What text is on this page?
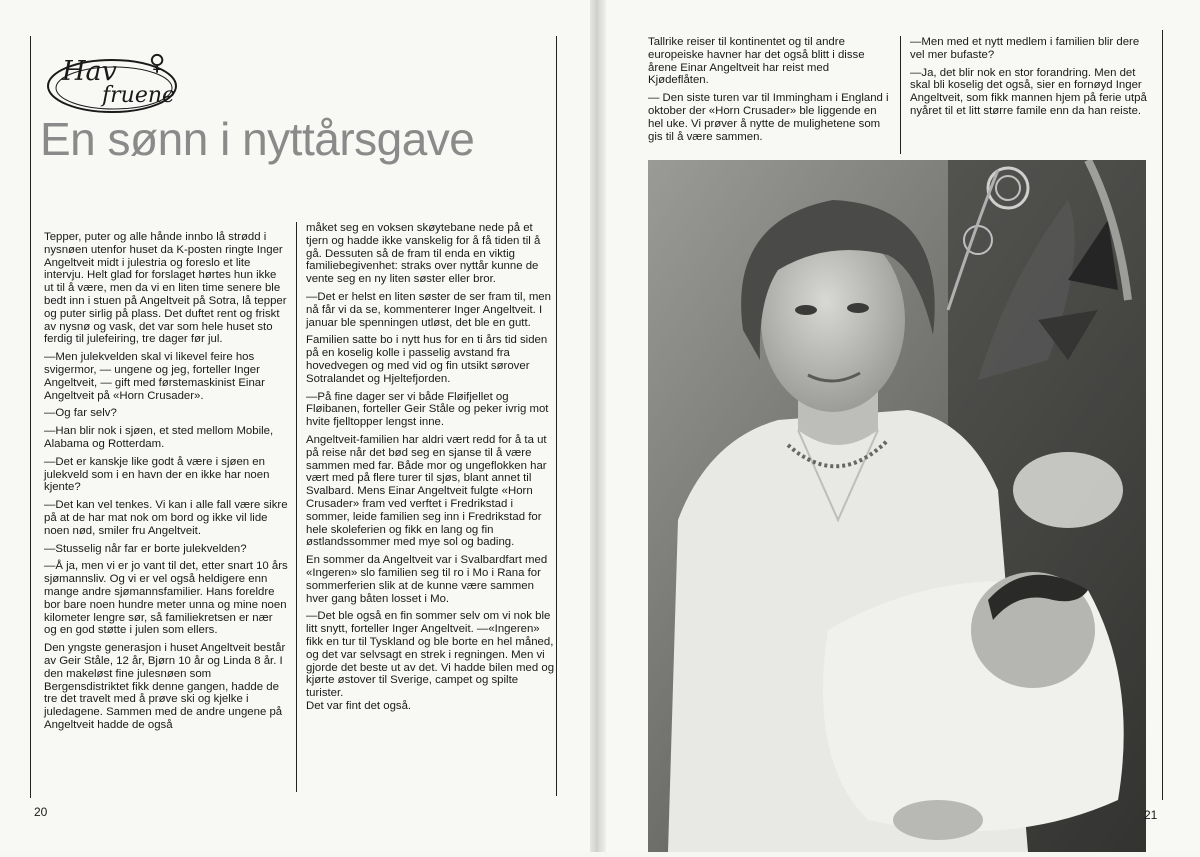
Hav
fruene
♀
En sønn i nyttårsgave

Tepper, puter og alle hånde innbo lå strødd i nysnøen utenfor huset da K-posten ringte Inger Angeltveit midt i julestria og foreslo et lite intervju. Helt glad for forslaget hørtes hun ikke ut til å være, men da vi en liten time senere ble bedt inn i stuen på Angeltveit på Sotra, lå tepper og puter sirlig på plass. Det duftet rent og friskt av nysnø og vask, det var som hele huset sto ferdig til julefeiring, tre dager før jul.

—Men julekvelden skal vi likevel feire hos svigermor, — ungene og jeg, forteller Inger Angeltveit, — gift med førstemaskinist Einar Angeltveit på «Horn Crusader».

—Og far selv?

—Han blir nok i sjøen, et sted mellom Mobile, Alabama og Rotterdam.

—Det er kanskje like godt å være i sjøen en julekveld som i en havn der en ikke har noen kjente?

—Det kan vel tenkes. Vi kan i alle fall være sikre på at de har mat nok om bord og ikke vil lide noen nød, smiler fru Angeltveit.

—Stusselig når far er borte julekvelden?

—Å ja, men vi er jo vant til det, etter snart 10 års sjømannsliv. Og vi er vel også heldigere enn mange andre sjømannsfamilier. Hans foreldre bor bare noen hundre meter unna og mine noen kilometer lengre sør, så familiekretsen er nær og en god støtte i julen som ellers.

Den yngste generasjon i huset Angeltveit består av Geir Ståle, 12 år, Bjørn 10 år og Linda 8 år. I den makeløst fine julesnøen som Bergensdistriktet fikk denne gangen, hadde de tre det travelt med å prøve ski og kjelke i juledagene. Sammen med de andre ungene på Angeltveit hadde de også

måket seg en voksen skøytebane nede på et tjern og hadde ikke vanskelig for å få tiden til å gå. Dessuten så de fram til enda en viktig familiebegivenhet: straks over nyttår kunne de vente seg en ny liten søster eller bror.

—Det er helst en liten søster de ser fram til, men nå får vi da se, kommenterer Inger Angeltveit. I januar ble spenningen utløst, det ble en gutt.

Familien satte bo i nytt hus for en ti års tid siden på en koselig kolle i passelig avstand fra hovedvegen og med vid og fin utsikt sørover Sotralandet og Hjeltefjorden.

—På fine dager ser vi både Fløifjellet og Fløibanen, forteller Geir Ståle og peker ivrig mot hvite fjelltopper lengst inne.

Angeltveit-familien har aldri vært redd for å ta ut på reise når det bød seg en sjanse til å være sammen med far. Både mor og ungeflokken har vært med på flere turer til sjøs, blant annet til Svalbard. Mens Einar Angeltveit fulgte «Horn Crusader» fram ved verftet i Fredrikstad i sommer, leide familien seg inn i Fredrikstad for hele skoleferien og fikk en lang og fin østlandssommer med mye sol og bading.

En sommer da Angeltveit var i Svalbardfart med «Ingeren» slo familien seg til ro i Mo i Rana for sommerferien slik at de kunne være sammen hver gang båten losset i Mo.

—Det ble også en fin sommer selv om vi nok ble litt snytt, forteller Inger Angeltveit. —«Ingeren» fikk en tur til Tyskland og ble borte en hel måned, og det var selvsagt en strek i regningen. Men vi gjorde det beste ut av det. Vi hadde bilen med og kjørte østover til Sverige, campet og spilte turister.
Det var fint det også.

20

Tallrike reiser til kontinentet og til andre europeiske havner har det også blitt i disse årene Einar Angeltveit har reist med Kjødeflåten.

— Den siste turen var til Immingham i England i oktober der «Horn Crusader» ble liggende en hel uke. Vi prøver å nytte de mulighetene som gis til å være sammen.

—Men med et nytt medlem i familien blir dere vel mer bufaste?

—Ja, det blir nok en stor forandring. Men det skal bli koselig det også, sier en fornøyd Inger Angeltveit, som fikk mannen hjem på ferie utpå nyåret til et litt større famile enn da han reiste.

21
